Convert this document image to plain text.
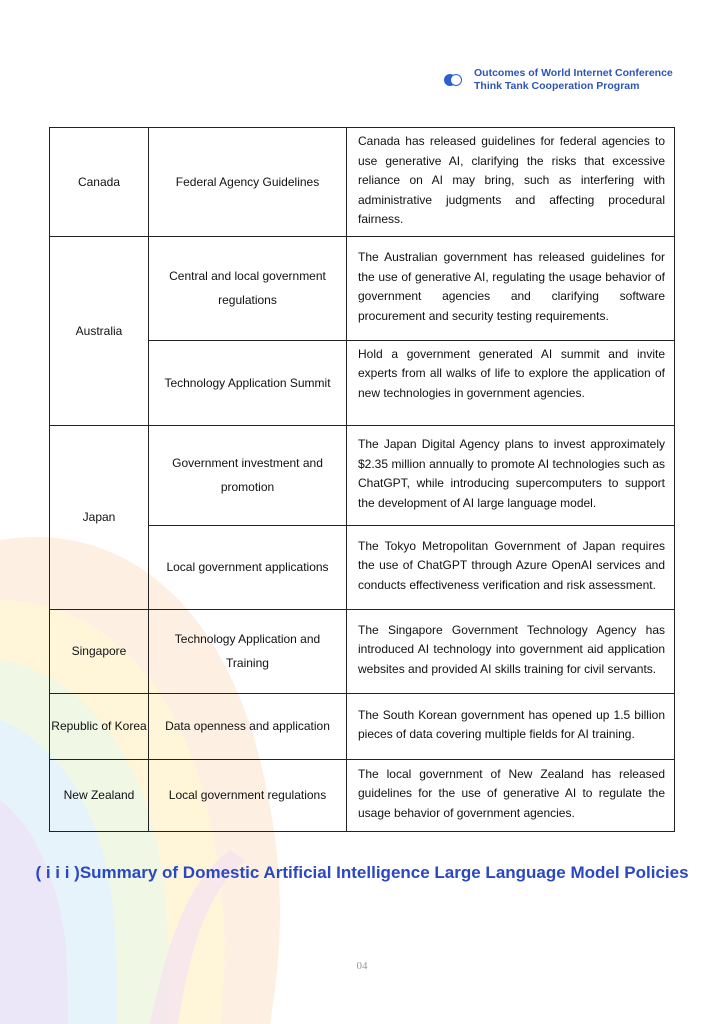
Outcomes of World Internet Conference
Think Tank Cooperation Program
Canada	Federal Agency Guidelines	Canada has released guidelines for federal agencies to use generative AI, clarifying the risks that excessive reliance on AI may bring, such as interfering with administrative judgments and affecting procedural fairness.
Australia	Central and local government regulations	The Australian government has released guidelines for the use of generative AI, regulating the usage behavior of government agencies and clarifying software procurement and security testing requirements.
	Technology Application Summit	Hold a government generated AI summit and invite experts from all walks of life to explore the application of new technologies in government agencies.
Japan	Government investment and promotion	The Japan Digital Agency plans to invest approximately $2.35 million annually to promote AI technologies such as ChatGPT, while introducing supercomputers to support the development of AI large language model.
	Local government applications	The Tokyo Metropolitan Government of Japan requires the use of ChatGPT through Azure OpenAI services and conducts effectiveness verification and risk assessment.
Singapore	Technology Application and Training	The Singapore Government Technology Agency has introduced AI technology into government aid application websites and provided AI skills training for civil servants.
Republic of Korea	Data openness and application	The South Korean government has opened up 1.5 billion pieces of data covering multiple fields for AI training.
New Zealand	Local government regulations	The local government of New Zealand has released guidelines for the use of generative AI to regulate the usage behavior of government agencies.
( i i i )Summary of Domestic Artificial Intelligence Large Language Model Policies
04
